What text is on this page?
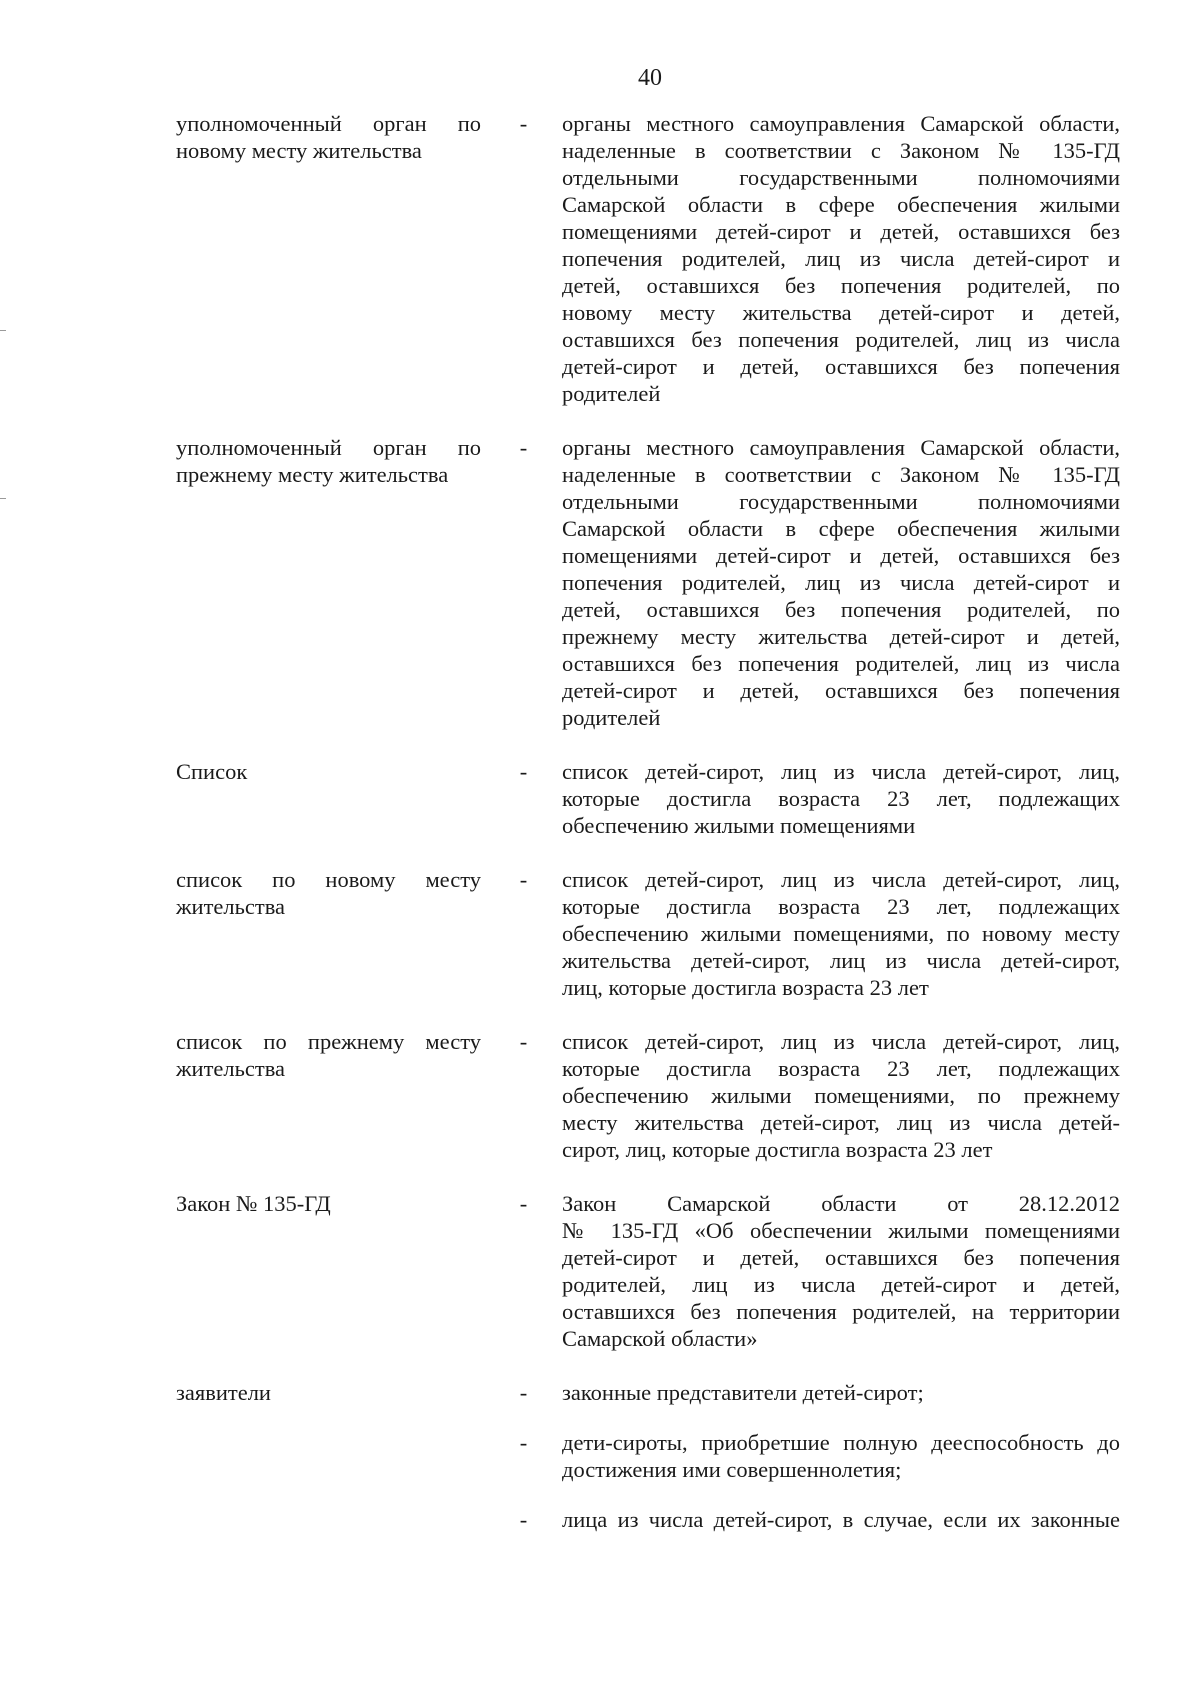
40
уполномоченный орган по
новому месту жительства
-	органы местного самоуправления Самарской области,
наделенные в соответствии с Законом № 135-ГД
отдельными государственными полномочиями
Самарской области в сфере обеспечения жилыми
помещениями детей-сирот и детей, оставшихся без
попечения родителей, лиц из числа детей-сирот и
детей, оставшихся без попечения родителей, по
новому месту жительства детей-сирот и детей,
оставшихся без попечения родителей, лиц из числа
детей-сирот и детей, оставшихся без попечения
родителей
уполномоченный орган по
прежнему месту жительства
-	органы местного самоуправления Самарской области,
наделенные в соответствии с Законом № 135-ГД
отдельными государственными полномочиями
Самарской области в сфере обеспечения жилыми
помещениями детей-сирот и детей, оставшихся без
попечения родителей, лиц из числа детей-сирот и
детей, оставшихся без попечения родителей, по
прежнему месту жительства детей-сирот и детей,
оставшихся без попечения родителей, лиц из числа
детей-сирот и детей, оставшихся без попечения
родителей
Список	-	список детей-сирот, лиц из числа детей-сирот, лиц,
которые достигла возраста 23 лет, подлежащих
обеспечению жилыми помещениями
список по новому месту
жительства
-	список детей-сирот, лиц из числа детей-сирот, лиц,
которые достигла возраста 23 лет, подлежащих
обеспечению жилыми помещениями, по новому месту
жительства детей-сирот, лиц из числа детей-сирот,
лиц, которые достигла возраста 23 лет
список по прежнему месту
жительства
-	список детей-сирот, лиц из числа детей-сирот, лиц,
которые достигла возраста 23 лет, подлежащих
обеспечению жилыми помещениями, по прежнему
месту жительства детей-сирот, лиц из числа детей-
сирот, лиц, которые достигла возраста 23 лет
Закон № 135-ГД	-	Закон Самарской области от 28.12.2012
№ 135-ГД «Об обеспечении жилыми помещениями
детей-сирот и детей, оставшихся без попечения
родителей, лиц из числа детей-сирот и детей,
оставшихся без попечения родителей, на территории
Самарской области»
заявители	-	законные представители детей-сирот;
-	дети-сироты, приобретшие полную дееспособность до
достижения ими совершеннолетия;
-	лица из числа детей-сирот, в случае, если их законные
